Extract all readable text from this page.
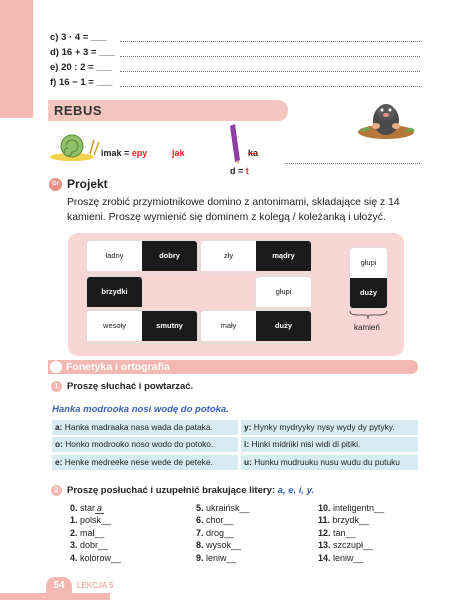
c) 3 · 4 = ___
d) 16 + 3 = ___
e) 20 : 2 = ___
f) 16 − 1 = ___
REBUS
imak = epy	jak	ka
d = t
Gr Projekt
Proszę zrobić przymiotnikowe domino z antonimami, składające się z 14 kamieni. Proszę wymienić się dominem z kolegą / koleżanką i ułożyć.
ładny	dobry	zły	mądry
brzydki	głupi
wesoły	smutny	mały	duży
głupi
duży
kamień
Fonetyka i ortografia
1 Proszę słuchać i powtarzać.
Hanka modrooka nosi wodę do potoka.
a: Hanka madraaka nasa wada da pataka.	y: Hynky mydryyky nysy wydy dy pytyky.
o: Honko modrooko noso wodo do potoko.	i: Hinki midriiki nisi widi di pitiki.
e: Henke medreeke nese wede de peteke.	u: Hunku mudruuku nusu wudu du putuku
2 Proszę posłuchać i uzupełnić brakujące litery: a, e, i, y.
0. star a
1. polsk__
2. mał__
3. dobr__
4. kolorow__
5. ukraińsk__
6. chor__
7. drog__
8. wysok__
9. leniw__
10. inteligentn__
11. brzydk__
12. tan__
13. szczupł__
14. leniw__
54	LEKCJA 5
